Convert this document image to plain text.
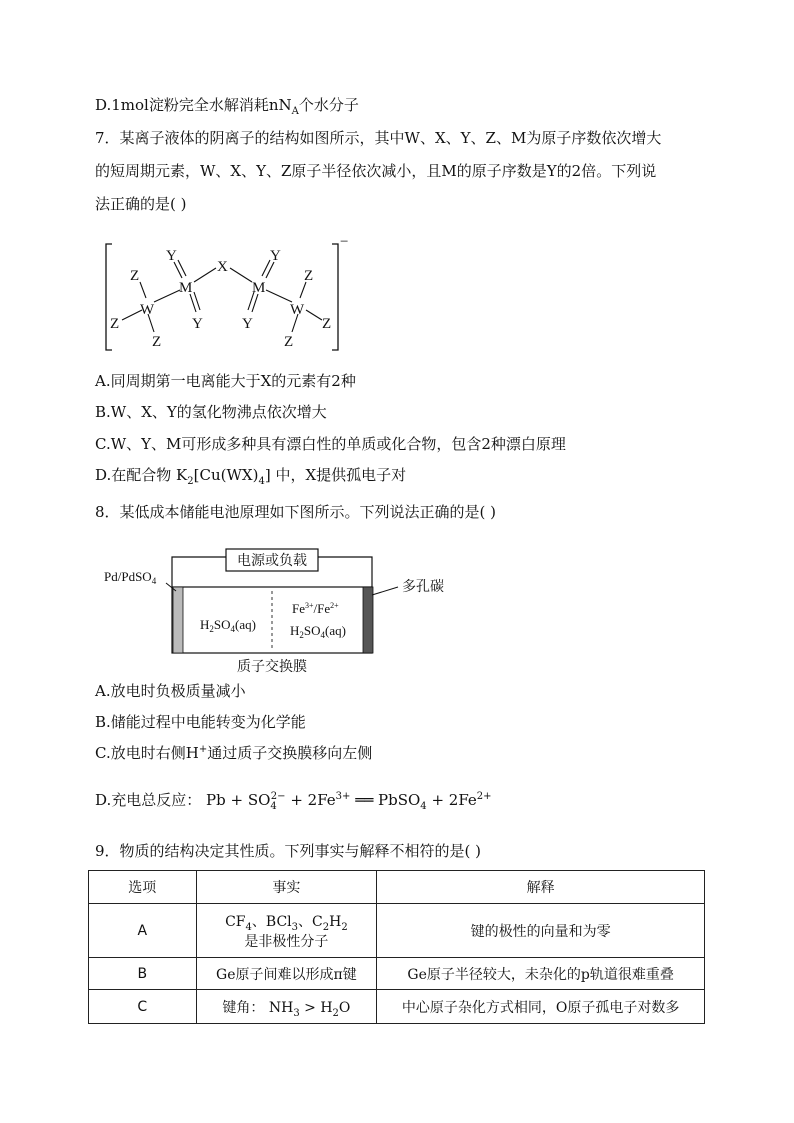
D.1mol淀粉完全水解消耗$nN_A$个水分子
7．某离子液体的阴离子的结构如图所示，其中W、X、Y、Z、M为原子序数依次增大
的短周期元素，W、X、Y、Z原子半径依次减小，且M的原子序数是Y的2倍。下列说
法正确的是( )
Z
Z
Z
W
M
Y
Y
X
M
Y
Y
W
Z
Z
Z
−
A.同周期第一电离能大于X的元素有2种
B.W、X、Y的氢化物沸点依次增大
C.W、Y、M可形成多种具有漂白性的单质或化合物，包含2种漂白原理
D.在配合物 $K_2[Cu(WX)_4]$ 中，X提供孤电子对
8．某低成本储能电池原理如下图所示。下列说法正确的是( )
电源或负载
Pd/PdSO$_4$	多孔碳
$H_2SO_4(aq)$
$Fe^{3+}/Fe^{2+}$
$H_2SO_4(aq)$
质子交换膜
A.放电时负极质量减小
B.储能过程中电能转变为化学能
C.放电时右侧H+通过质子交换膜移向左侧
D.充电总反应： $Pb + SO_4^{2-} + 2Fe^{3+}$ ══ PbSO$_4$ + $2Fe^{2+}$
9．物质的结构决定其性质。下列事实与解释不相符的是( )
选项	事实	解释
A	$CF_4$、BCl$_3$、$C_2H_2$
是非极性分子	键的极性的向量和为零
B	Ge原子间难以形成π键	Ge原子半径较大，未杂化的p轨道很难重叠
C	键角： $NH_3 > H_2O$	中心原子杂化方式相同，O原子孤电子对数多
